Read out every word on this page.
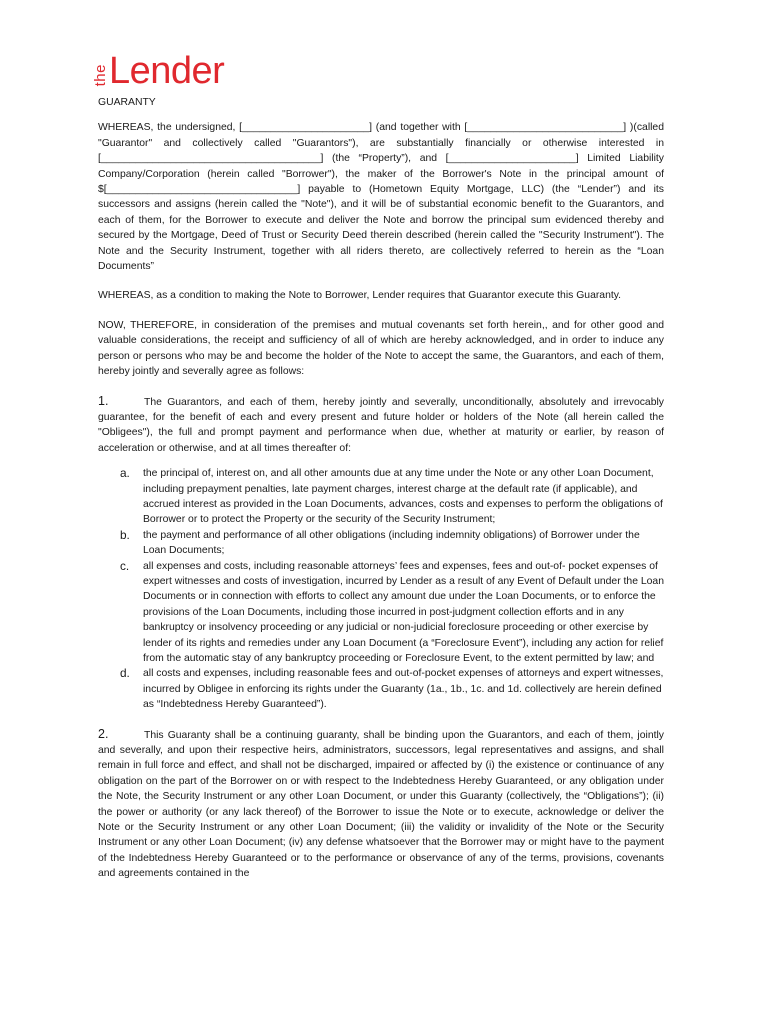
the Lender

GUARANTY

WHEREAS, the undersigned, [______________________] (and together with [___________________________] )(called "Guarantor" and collectively called "Guarantors"), are substantially financially or otherwise interested in [______________________________________] (the “Property”), and [______________________] Limited Liability Company/Corporation (herein called "Borrower"), the maker of the Borrower's Note in the principal amount of $[_________________________________] payable to (Hometown Equity Mortgage, LLC) (the “Lender”) and its successors and assigns (herein called the "Note"), and it will be of substantial economic benefit to the Guarantors, and each of them, for the Borrower to execute and deliver the Note and borrow the principal sum evidenced thereby and secured by the Mortgage, Deed of Trust or Security Deed therein described (herein called the "Security Instrument"). The Note and the Security Instrument, together with all riders thereto, are collectively referred to herein as the “Loan Documents”

WHEREAS, as a condition to making the Note to Borrower, Lender requires that Guarantor execute this Guaranty.

NOW, THEREFORE, in consideration of the premises and mutual covenants set forth herein,, and for other good and valuable considerations, the receipt and sufficiency of all of which are hereby acknowledged, and in order to induce any person or persons who may be and become the holder of the Note to accept the same, the Guarantors, and each of them, hereby jointly and severally agree as follows:

1.	The Guarantors, and each of them, hereby jointly and severally, unconditionally, absolutely and irrevocably guarantee, for the benefit of each and every present and future holder or holders of the Note (all herein called the "Obligees"), the full and prompt payment and performance when due, whether at maturity or earlier, by reason of acceleration or otherwise, and at all times thereafter of:

a. the principal of, interest on, and all other amounts due at any time under the Note or any other Loan Document, including prepayment penalties, late payment charges, interest charge at the default rate (if applicable), and accrued interest as provided in the Loan Documents, advances, costs and expenses to perform the obligations of Borrower or to protect the Property or the security of the Security Instrument;
b. the payment and performance of all other obligations (including indemnity obligations) of Borrower under the Loan Documents;
c. all expenses and costs, including reasonable attorneys’ fees and expenses, fees and out-of- pocket expenses of expert witnesses and costs of investigation, incurred by Lender as a result of any Event of Default under the Loan Documents or in connection with efforts to collect any amount due under the Loan Documents, or to enforce the provisions of the Loan Documents, including those incurred in post-judgment collection efforts and in any bankruptcy or insolvency proceeding or any judicial or non-judicial foreclosure proceeding or other exercise by lender of its rights and remedies under any Loan Document (a “Foreclosure Event”), including any action for relief from the automatic stay of any bankruptcy proceeding or Foreclosure Event, to the extent permitted by law; and
d. all costs and expenses, including reasonable fees and out-of-pocket expenses of attorneys and expert witnesses, incurred by Obligee in enforcing its rights under the Guaranty (1a., 1b., 1c. and 1d. collectively are herein defined as “Indebtedness Hereby Guaranteed”).

2.	This Guaranty shall be a continuing guaranty, shall be binding upon the Guarantors, and each of them, jointly and severally, and upon their respective heirs, administrators, successors, legal representatives and assigns, and shall remain in full force and effect, and shall not be discharged, impaired or affected by (i) the existence or continuance of any obligation on the part of the Borrower on or with respect to the Indebtedness Hereby Guaranteed, or any obligation under the Note, the Security Instrument or any other Loan Document, or under this Guaranty (collectively, the “Obligations”); (ii) the power or authority (or any lack thereof) of the Borrower to issue the Note or to execute, acknowledge or deliver the Note or the Security Instrument or any other Loan Document; (iii) the validity or invalidity of the Note or the Security Instrument or any other Loan Document; (iv) any defense whatsoever that the Borrower may or might have to the payment of the Indebtedness Hereby Guaranteed or to the performance or observance of any of the terms, provisions, covenants and agreements contained in the
